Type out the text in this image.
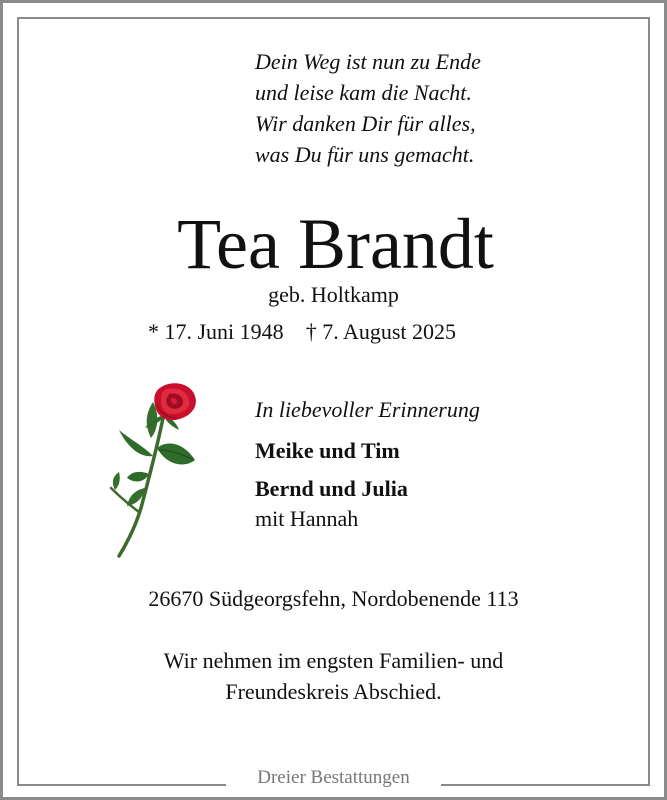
Dein Weg ist nun zu Ende
und leise kam die Nacht.
Wir danken Dir für alles,
was Du für uns gemacht.
Tea Brandt
geb. Holtkamp
* 17. Juni 1948 † 7. August 2025
In liebevoller Erinnerung
Meike und Tim
Bernd und Julia
mit Hannah
26670 Südgeorgsfehn, Nordobenende 113
Wir nehmen im engsten Familien- und
Freundeskreis Abschied.
Dreier Bestattungen
